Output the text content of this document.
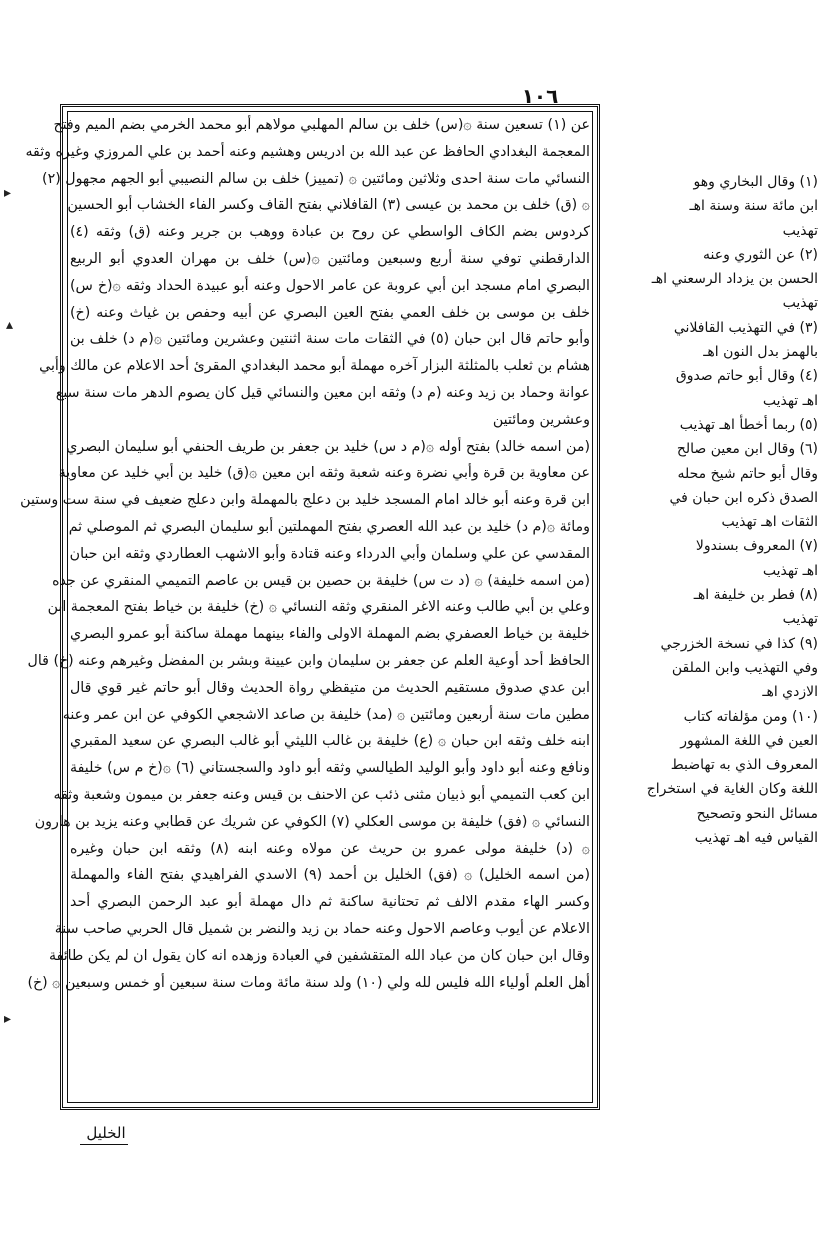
١٠٦
عن (١) تسعين سنة ۞(س) خلف بن سالم المهلبي مولاهم أبو محمد الخرمي بضم الميم وفتح
المعجمة البغدادي الحافظ عن عبد الله بن ادريس وهشيم وعنه أحمد بن علي المروزي وغيره وثقه
النسائي مات سنة احدى وثلاثين ومائتين ۞ (تمييز) خلف بن سالم النصيبي أبو الجهم مجهول (٢)
۞ (ق) خلف بن محمد بن عيسى (٣) القافلاني بفتح القاف وكسر الفاء الخشاب أبو الحسين
كردوس بضم الكاف الواسطي عن روح بن عبادة ووهب بن جرير وعنه (ق) وثقه (٤)
الدارقطني توفي سنة أربع وسبعين ومائتين ۞(س) خلف بن مهران العدوي أبو الربيع
البصري امام مسجد ابن أبي عروبة عن عامر الاحول وعنه أبو عبيدة الحداد وثقه ۞(خ س)
خلف بن موسى بن خلف العمي بفتح العين البصري عن أبيه وحفص بن غياث وعنه (خ)
وأبو حاتم قال ابن حبان (٥) في الثقات مات سنة اثنتين وعشرين ومائتين ۞(م د) خلف بن
هشام بن ثعلب بالمثلثة البزار آخره مهملة أبو محمد البغدادي المقرئ أحد الاعلام عن مالك وأبي
عوانة وحماد بن زيد وعنه (م د) وثقه ابن معين والنسائي قيل كان يصوم الدهر مات سنة سبع
وعشرين ومائتين
(من اسمه خالد) بفتح أوله ۞(م د س) خليد بن جعفر بن طريف الحنفي أبو سليمان البصري
عن معاوية بن قرة وأبي نضرة وعنه شعبة وثقه ابن معين ۞(ق) خليد بن أبي خليد عن معاوية
ابن قرة وعنه أبو خالد امام المسجد خليد بن دعلج بالمهملة وابن دعلج ضعيف في سنة ست وستين
ومائة ۞(م د) خليد بن عبد الله العصري بفتح المهملتين أبو سليمان البصري ثم الموصلي ثم
المقدسي عن علي وسلمان وأبي الدرداء وعنه قتادة وأبو الاشهب العطاردي وثقه ابن حبان
(من اسمه خليفة) ۞ (د ت س) خليفة بن حصين بن قيس بن عاصم التميمي المنقري عن جده
وعلي بن أبي طالب وعنه الاغر المنقري وثقه النسائي ۞ (خ) خليفة بن خياط بفتح المعجمة ابن
خليفة بن خياط العصفري بضم المهملة الاولى والفاء بينهما مهملة ساكنة أبو عمرو البصري
الحافظ أحد أوعية العلم عن جعفر بن سليمان وابن عيينة وبشر بن المفضل وغيرهم وعنه (خ) قال
ابن عدي صدوق مستقيم الحديث من متيقظي رواة الحديث وقال أبو حاتم غير قوي قال
مطين مات سنة أربعين ومائتين ۞ (مد) خليفة بن صاعد الاشجعي الكوفي عن ابن عمر وعنه
ابنه خلف وثقه ابن حبان ۞ (ع) خليفة بن غالب الليثي أبو غالب البصري عن سعيد المقبري
ونافع وعنه أبو داود وأبو الوليد الطيالسي وثقه أبو داود والسجستاني (٦) ۞(خ م س) خليفة
ابن كعب التميمي أبو ذبيان مثنى ذئب عن الاحنف بن قيس وعنه جعفر بن ميمون وشعبة وثقه
النسائي ۞ (فق) خليفة بن موسى العكلي (٧) الكوفي عن شريك عن قطابي وعنه يزيد بن هارون
۞ (د) خليفة مولى عمرو بن حريث عن مولاه وعنه ابنه (٨) وثقه ابن حبان وغيره
(من اسمه الخليل) ۞ (فق) الخليل بن أحمد (٩) الاسدي الفراهيدي بفتح الفاء والمهملة
وكسر الهاء مقدم الالف ثم تحتانية ساكنة ثم دال مهملة أبو عبد الرحمن البصري أحد
الاعلام عن أيوب وعاصم الاحول وعنه حماد بن زيد والنضر بن شميل قال الحربي صاحب سنة
وقال ابن حبان كان من عباد الله المتقشفين في العبادة وزهده انه كان يقول ان لم يكن طائفة
أهل العلم أولياء الله فليس لله ولي (١٠) ولد سنة مائة ومات سنة سبعين أو خمس وسبعين ۞ (خ)
الخليل
(١) وقال البخاري وهو
ابن مائة سنة وسنة اهـ
تهذيب
(٢) عن الثوري وعنه
الحسن بن يزداد الرسعني اهـ
تهذيب
(٣) في التهذيب القافلاني
بالهمز بدل النون اهـ
(٤) وقال أبو حاتم صدوق
اهـ تهذيب
(٥) ربما أخطأ اهـ تهذيب
(٦) وقال ابن معين صالح
وقال أبو حاتم شيخ محله
الصدق ذكره ابن حبان في
الثقات اهـ تهذيب
(٧) المعروف بسندولا
اهـ تهذيب
(٨) فطر بن خليفة اهـ
تهذيب
(٩) كذا في نسخة الخزرجي
وفي التهذيب وابن الملقن
الازدي اهـ
(١٠) ومن مؤلفاته كتاب
العين في اللغة المشهور
المعروف الذي به تهاضبط
اللغة وكان الغاية في استخراج
مسائل النحو وتصحيح
القياس فيه اهـ تهذيب
▸
▴
▸
